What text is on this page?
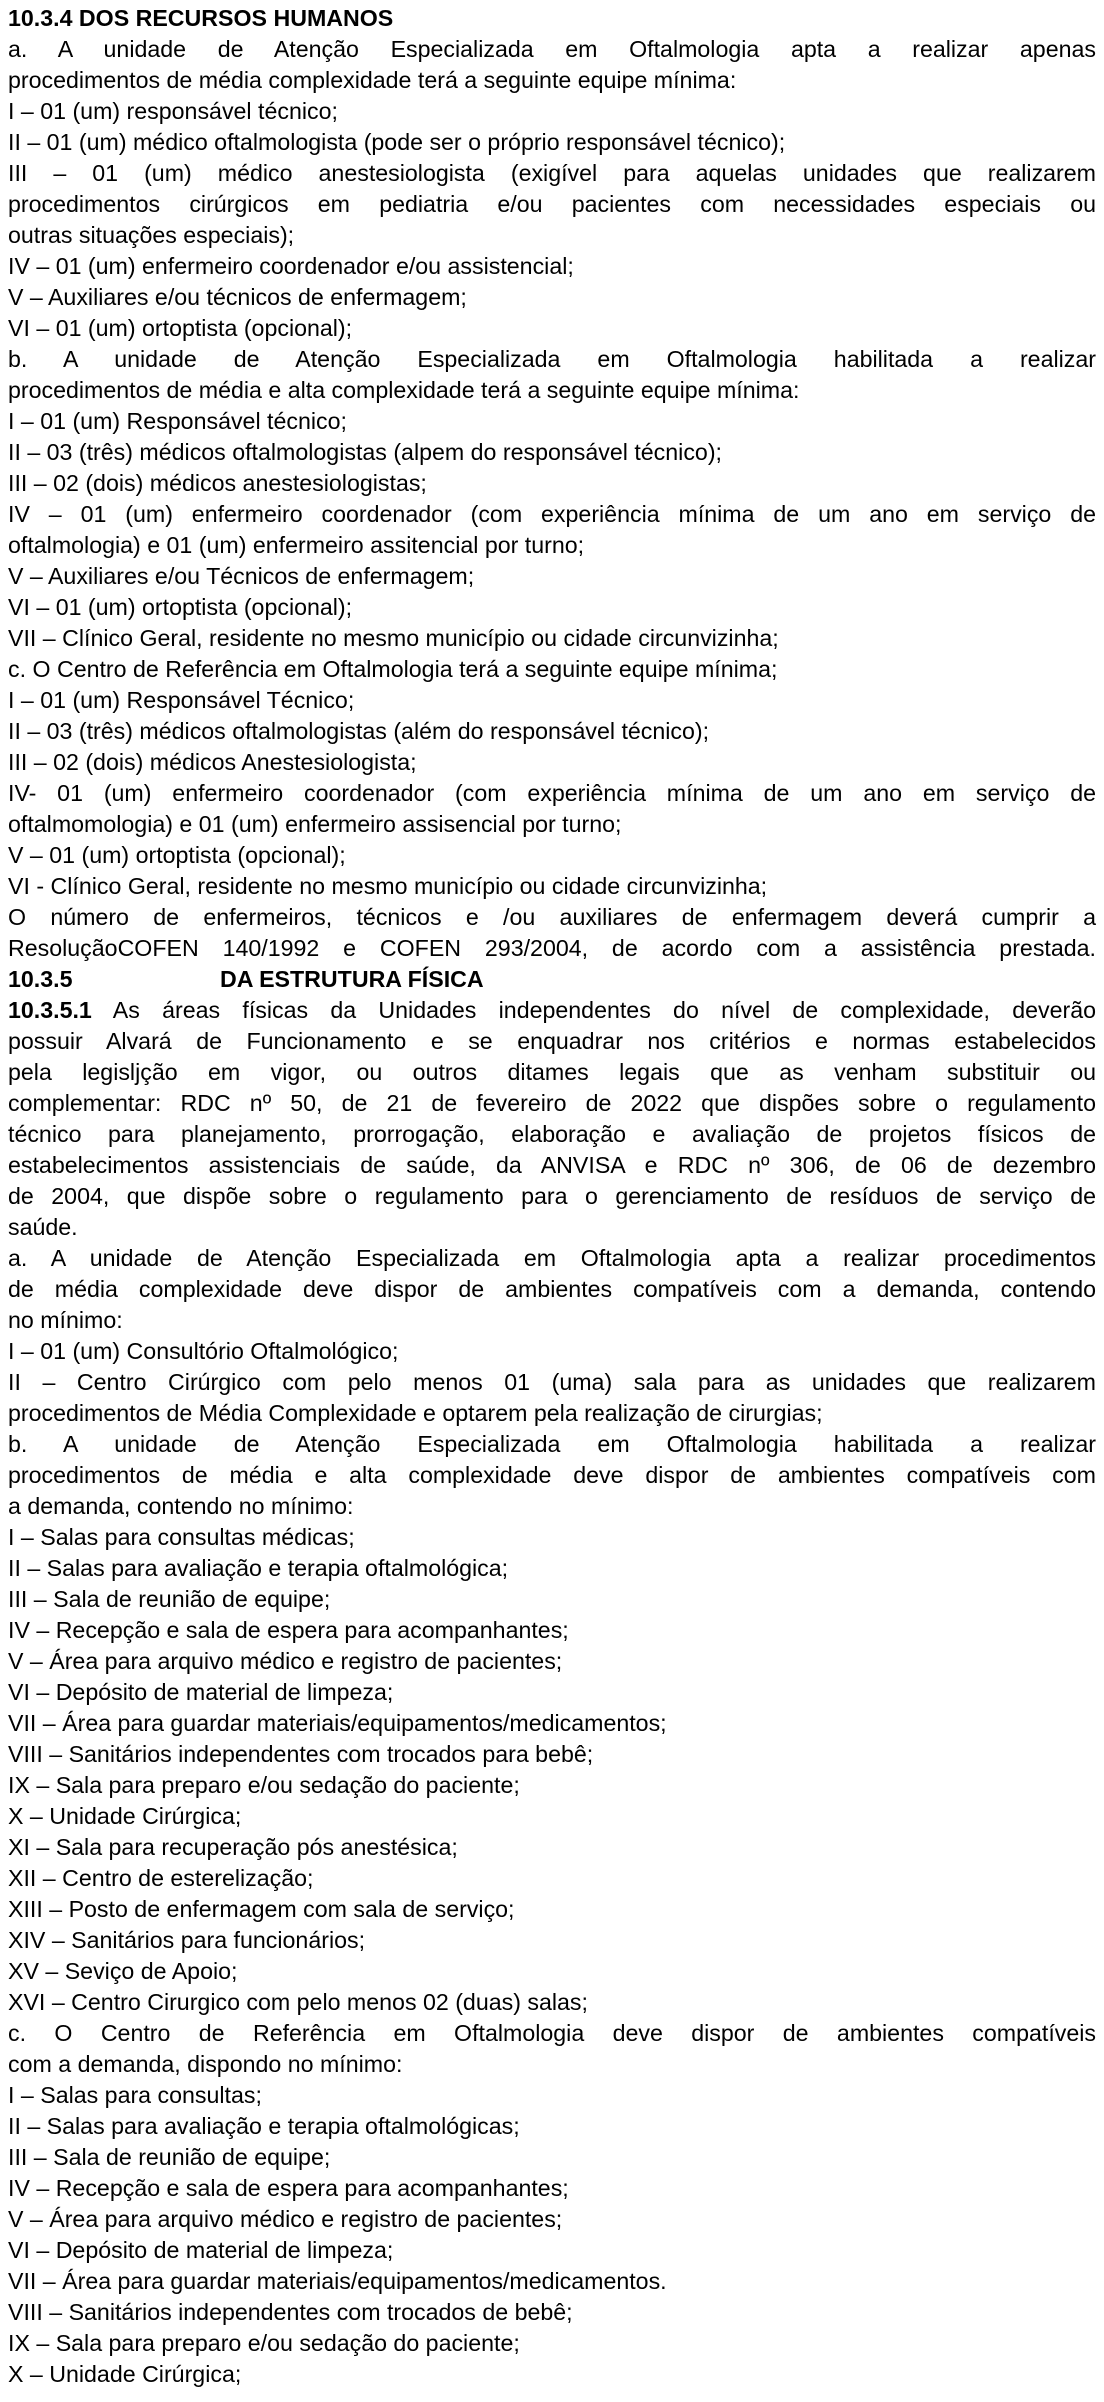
10.3.4 DOS RECURSOS HUMANOS
a. A unidade de Atenção Especializada em Oftalmologia apta a realizar apenas
procedimentos de média complexidade terá a seguinte equipe mínima:
I – 01 (um) responsável técnico;
II – 01 (um) médico oftalmologista (pode ser o próprio responsável técnico);
III – 01 (um) médico anestesiologista (exigível para aquelas unidades que realizarem
procedimentos cirúrgicos em pediatria e/ou pacientes com necessidades especiais ou
outras situações especiais);
IV – 01 (um) enfermeiro coordenador e/ou assistencial;
V – Auxiliares e/ou técnicos de enfermagem;
VI – 01 (um) ortoptista (opcional);
b. A unidade de Atenção Especializada em Oftalmologia habilitada a realizar
procedimentos de média e alta complexidade terá a seguinte equipe mínima:
I – 01 (um) Responsável técnico;
II – 03 (três) médicos oftalmologistas (alpem do responsável técnico);
III – 02 (dois) médicos anestesiologistas;
IV – 01 (um) enfermeiro coordenador (com experiência mínima de um ano em serviço de
oftalmologia) e 01 (um) enfermeiro assitencial por turno;
V – Auxiliares e/ou Técnicos de enfermagem;
VI – 01 (um) ortoptista (opcional);
VII – Clínico Geral, residente no mesmo município ou cidade circunvizinha;
c. O Centro de Referência em Oftalmologia terá a seguinte equipe mínima;
I – 01 (um) Responsável Técnico;
II – 03 (três) médicos oftalmologistas (além do responsável técnico);
III – 02 (dois) médicos Anestesiologista;
IV- 01 (um) enfermeiro coordenador (com experiência mínima de um ano em serviço de
oftalmomologia) e 01 (um) enfermeiro assisencial por turno;
V – 01 (um) ortoptista (opcional);
VI - Clínico Geral, residente no mesmo município ou cidade circunvizinha;
O número de enfermeiros, técnicos e /ou auxiliares de enfermagem deverá cumprir a
ResoluçãoCOFEN 140/1992 e COFEN 293/2004, de acordo com a assistência prestada.
10.3.5	DA ESTRUTURA FÍSICA
10.3.5.1 As áreas físicas da Unidades independentes do nível de complexidade, deverão
possuir Alvará de Funcionamento e se enquadrar nos critérios e normas estabelecidos
pela legisljção em vigor, ou outros ditames legais que as venham substituir ou
complementar: RDC nº 50, de 21 de fevereiro de 2022 que dispões sobre o regulamento
técnico para planejamento, prorrogação, elaboração e avaliação de projetos físicos de
estabelecimentos assistenciais de saúde, da ANVISA e RDC nº 306, de 06 de dezembro
de 2004, que dispõe sobre o regulamento para o gerenciamento de resíduos de serviço de
saúde.
a. A unidade de Atenção Especializada em Oftalmologia apta a realizar procedimentos
de média complexidade deve dispor de ambientes compatíveis com a demanda, contendo
no mínimo:
I – 01 (um) Consultório Oftalmológico;
II – Centro Cirúrgico com pelo menos 01 (uma) sala para as unidades que realizarem
procedimentos de Média Complexidade e optarem pela realização de cirurgias;
b. A unidade de Atenção Especializada em Oftalmologia habilitada a realizar
procedimentos de média e alta complexidade deve dispor de ambientes compatíveis com
a demanda, contendo no mínimo:
I – Salas para consultas médicas;
II – Salas para avaliação e terapia oftalmológica;
III – Sala de reunião de equipe;
IV – Recepção e sala de espera para acompanhantes;
V – Área para arquivo médico e registro de pacientes;
VI – Depósito de material de limpeza;
VII – Área para guardar materiais/equipamentos/medicamentos;
VIII – Sanitários independentes com trocados para bebê;
IX – Sala para preparo e/ou sedação do paciente;
X – Unidade Cirúrgica;
XI – Sala para recuperação pós anestésica;
XII – Centro de esterelização;
XIII – Posto de enfermagem com sala de serviço;
XIV – Sanitários para funcionários;
XV – Seviço de Apoio;
XVI – Centro Cirurgico com pelo menos 02 (duas) salas;
c. O Centro de Referência em Oftalmologia deve dispor de ambientes compatíveis
com a demanda, dispondo no mínimo:
I – Salas para consultas;
II – Salas para avaliação e terapia oftalmológicas;
III – Sala de reunião de equipe;
IV – Recepção e sala de espera para acompanhantes;
V – Área para arquivo médico e registro de pacientes;
VI – Depósito de material de limpeza;
VII – Área para guardar materiais/equipamentos/medicamentos.
VIII – Sanitários independentes com trocados de bebê;
IX – Sala para preparo e/ou sedação do paciente;
X – Unidade Cirúrgica;
